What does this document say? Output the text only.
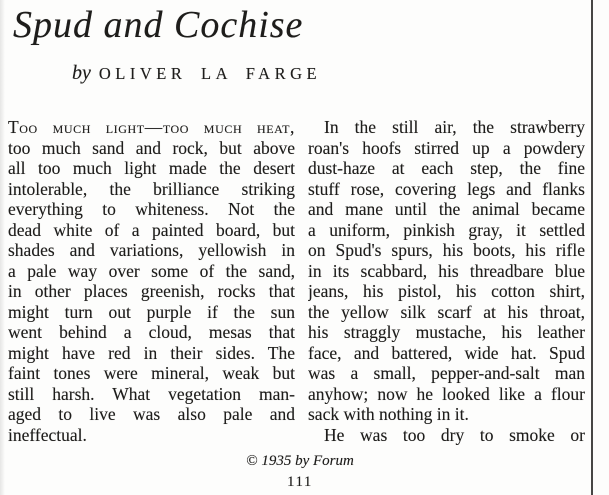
Spud and Cochise
by OLIVER LA FARGE
Too much light—too much heat,
too much sand and rock, but above
all too much light made the desert
intolerable, the brilliance striking
everything to whiteness. Not the
dead white of a painted board, but
shades and variations, yellowish in
a pale way over some of the sand,
in other places greenish, rocks that
might turn out purple if the sun
went behind a cloud, mesas that
might have red in their sides. The
faint tones were mineral, weak but
still harsh. What vegetation man-
aged to live was also pale and
ineffectual.
In the still air, the strawberry
roan's hoofs stirred up a powdery
dust-haze at each step, the fine
stuff rose, covering legs and flanks
and mane until the animal became
a uniform, pinkish gray, it settled
on Spud's spurs, his boots, his rifle
in its scabbard, his threadbare blue
jeans, his pistol, his cotton shirt,
the yellow silk scarf at his throat,
his straggly mustache, his leather
face, and battered, wide hat. Spud
was a small, pepper-and-salt man
anyhow; now he looked like a flour
sack with nothing in it.
He was too dry to smoke or
© 1935 by Forum
111
